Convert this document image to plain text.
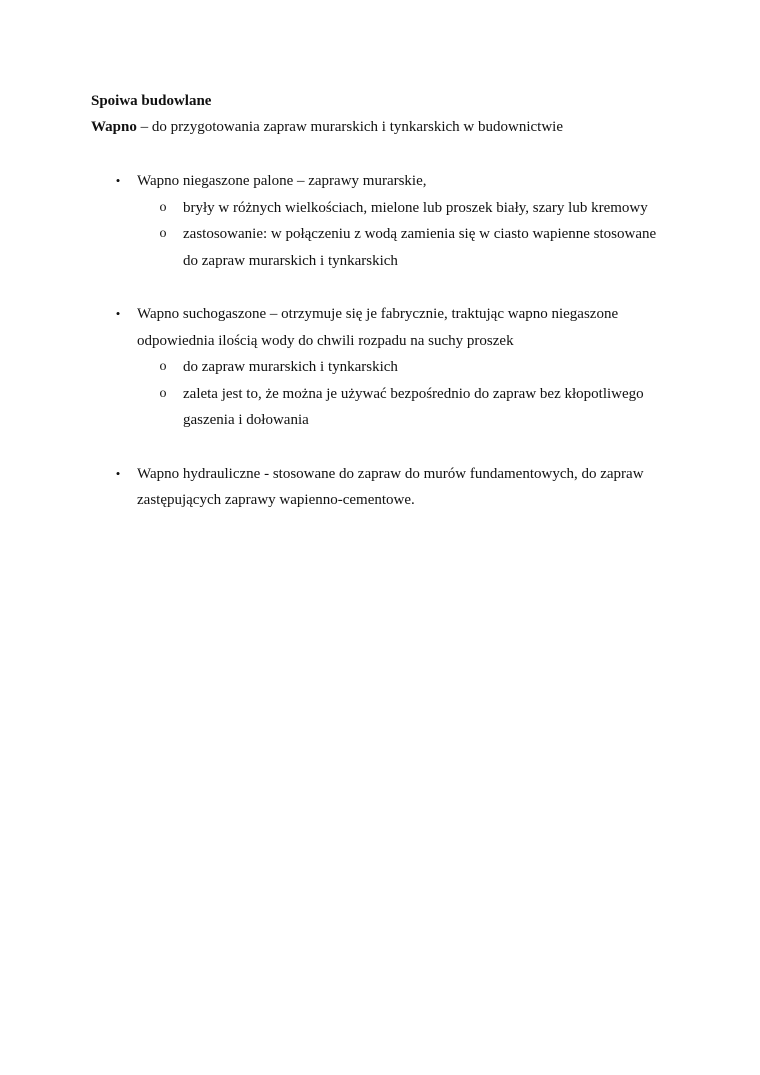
Spoiwa budowlane
Wapno – do przygotowania zapraw murarskich i tynkarskich w budownictwie
• Wapno niegaszone palone – zaprawy murarskie,
o bryły w różnych wielkościach, mielone lub proszek biały, szary lub kremowy
o zastosowanie: w połączeniu z wodą zamienia się w ciasto wapienne stosowane
do zapraw murarskich i tynkarskich
• Wapno suchogaszone – otrzymuje się je fabrycznie, traktując wapno niegaszone
odpowiednia ilością wody do chwili rozpadu na suchy proszek
o do zapraw murarskich i tynkarskich
o zaleta jest to, że można je używać bezpośrednio do zapraw bez kłopotliwego
gaszenia i dołowania
• Wapno hydrauliczne - stosowane do zapraw do murów fundamentowych, do zapraw
zastępujących zaprawy wapienno-cementowe.
